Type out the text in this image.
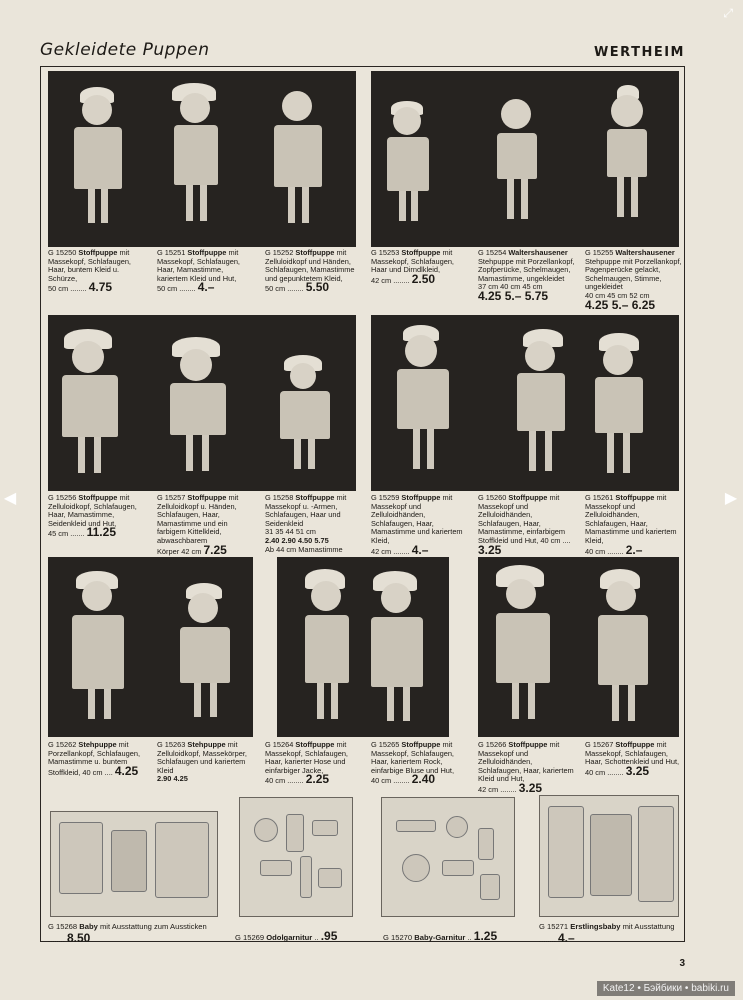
⤢
◀	▶
Gekleidete Puppen	WERTHEIM
G 15250 Stoffpuppe mit Massekopf, Schlafaugen, Haar, buntem Kleid u. Schürze,
50 cm ........ 4.75
G 15251 Stoffpuppe mit Massekopf, Schlafaugen, Haar, Mamastimme, kariertem Kleid und Hut,
50 cm ........ 4.–
G 15252 Stoffpuppe mit Zelluloidkopf und Händen, Schlafaugen, Mamastimme und gepunktetem Kleid,
50 cm ........ 5.50
G 15253 Stoffpuppe mit Massekopf, Schlafaugen, Haar und Dirndlkleid,
42 cm ........ 2.50
G 15254 Waltershausener Stehpuppe mit Porzellankopf, Zopfperücke, Schelmaugen, Mamastimme, ungekleidet
37 cm 40 cm 45 cm
4.25 5.– 5.75
G 15255 Waltershausener Stehpuppe mit Porzellankopf, Pagenperücke gelackt, Schelmaugen, Stimme, ungekleidet
40 cm 45 cm 52 cm
4.25 5.– 6.25
G 15256 Stoffpuppe mit Zelluloidkopf, Schlafaugen, Haar, Mamastimme, Seidenkleid und Hut,
45 cm ....... 11.25
G 15257 Stoffpuppe mit Zelluloidkopf u. Händen, Schlafaugen, Haar, Mamastimme und ein farbigem Kittelkleid, abwaschbarem
Körper 42 cm 7.25
G 15258 Stoffpuppe mit Massekopf u. -Armen, Schlafaugen, Haar und Seidenkleid
31 35 44 51 cm
2.40 2.90 4.50 5.75
Ab 44 cm Mamastimme
G 15259 Stoffpuppe mit Massekopf und Zelluloidhänden, Schlafaugen, Haar, Mamastimme und kariertem Kleid,
42 cm ........ 4.–
G 15260 Stoffpuppe mit Massekopf und Zelluloidhänden, Schlafaugen, Haar, Mamastimme, einfarbigem Stoffkleid und Hut, 40 cm .... 3.25
G 15261 Stoffpuppe mit Massekopf und Zelluloidhänden, Schlafaugen, Haar, Mamastimme und kariertem Kleid,
40 cm ........ 2.–
G 15262 Stehpuppe mit Porzellankopf, Schlafaugen, Mamastimme u. buntem Stoffkleid, 40 cm .... 4.25
G 15263 Stehpuppe mit Zelluloidkopf, Massekörper, Schlafaugen und kariertem Kleid
2.90 4.25
G 15264 Stoffpuppe mit Massekopf, Schlafaugen, Haar, karierter Hose und einfarbiger Jacke,
40 cm ........ 2.25
G 15265 Stoffpuppe mit Massekopf, Schlafaugen, Haar, kariertem Rock, einfarbige Bluse und Hut,
40 cm ........ 2.40
G 15266 Stoffpuppe mit Massekopf und Zelluloidhänden, Schlafaugen, Haar, kariertem Kleid und Hut,
42 cm ........ 3.25
G 15267 Stoffpuppe mit Massekopf, Schlafaugen, Haar, Schottenkleid und Hut,
40 cm ........ 3.25
G 15268 Baby mit Ausstattung zum Aussticken ........ 8.50	G 15269 Odolgarnitur .. .95	G 15270 Baby-Garnitur .. 1.25
G 15271 Erstlingsbaby mit Ausstattung ........ 4.–
3
Kate12 • Бэйбики • babiki.ru
